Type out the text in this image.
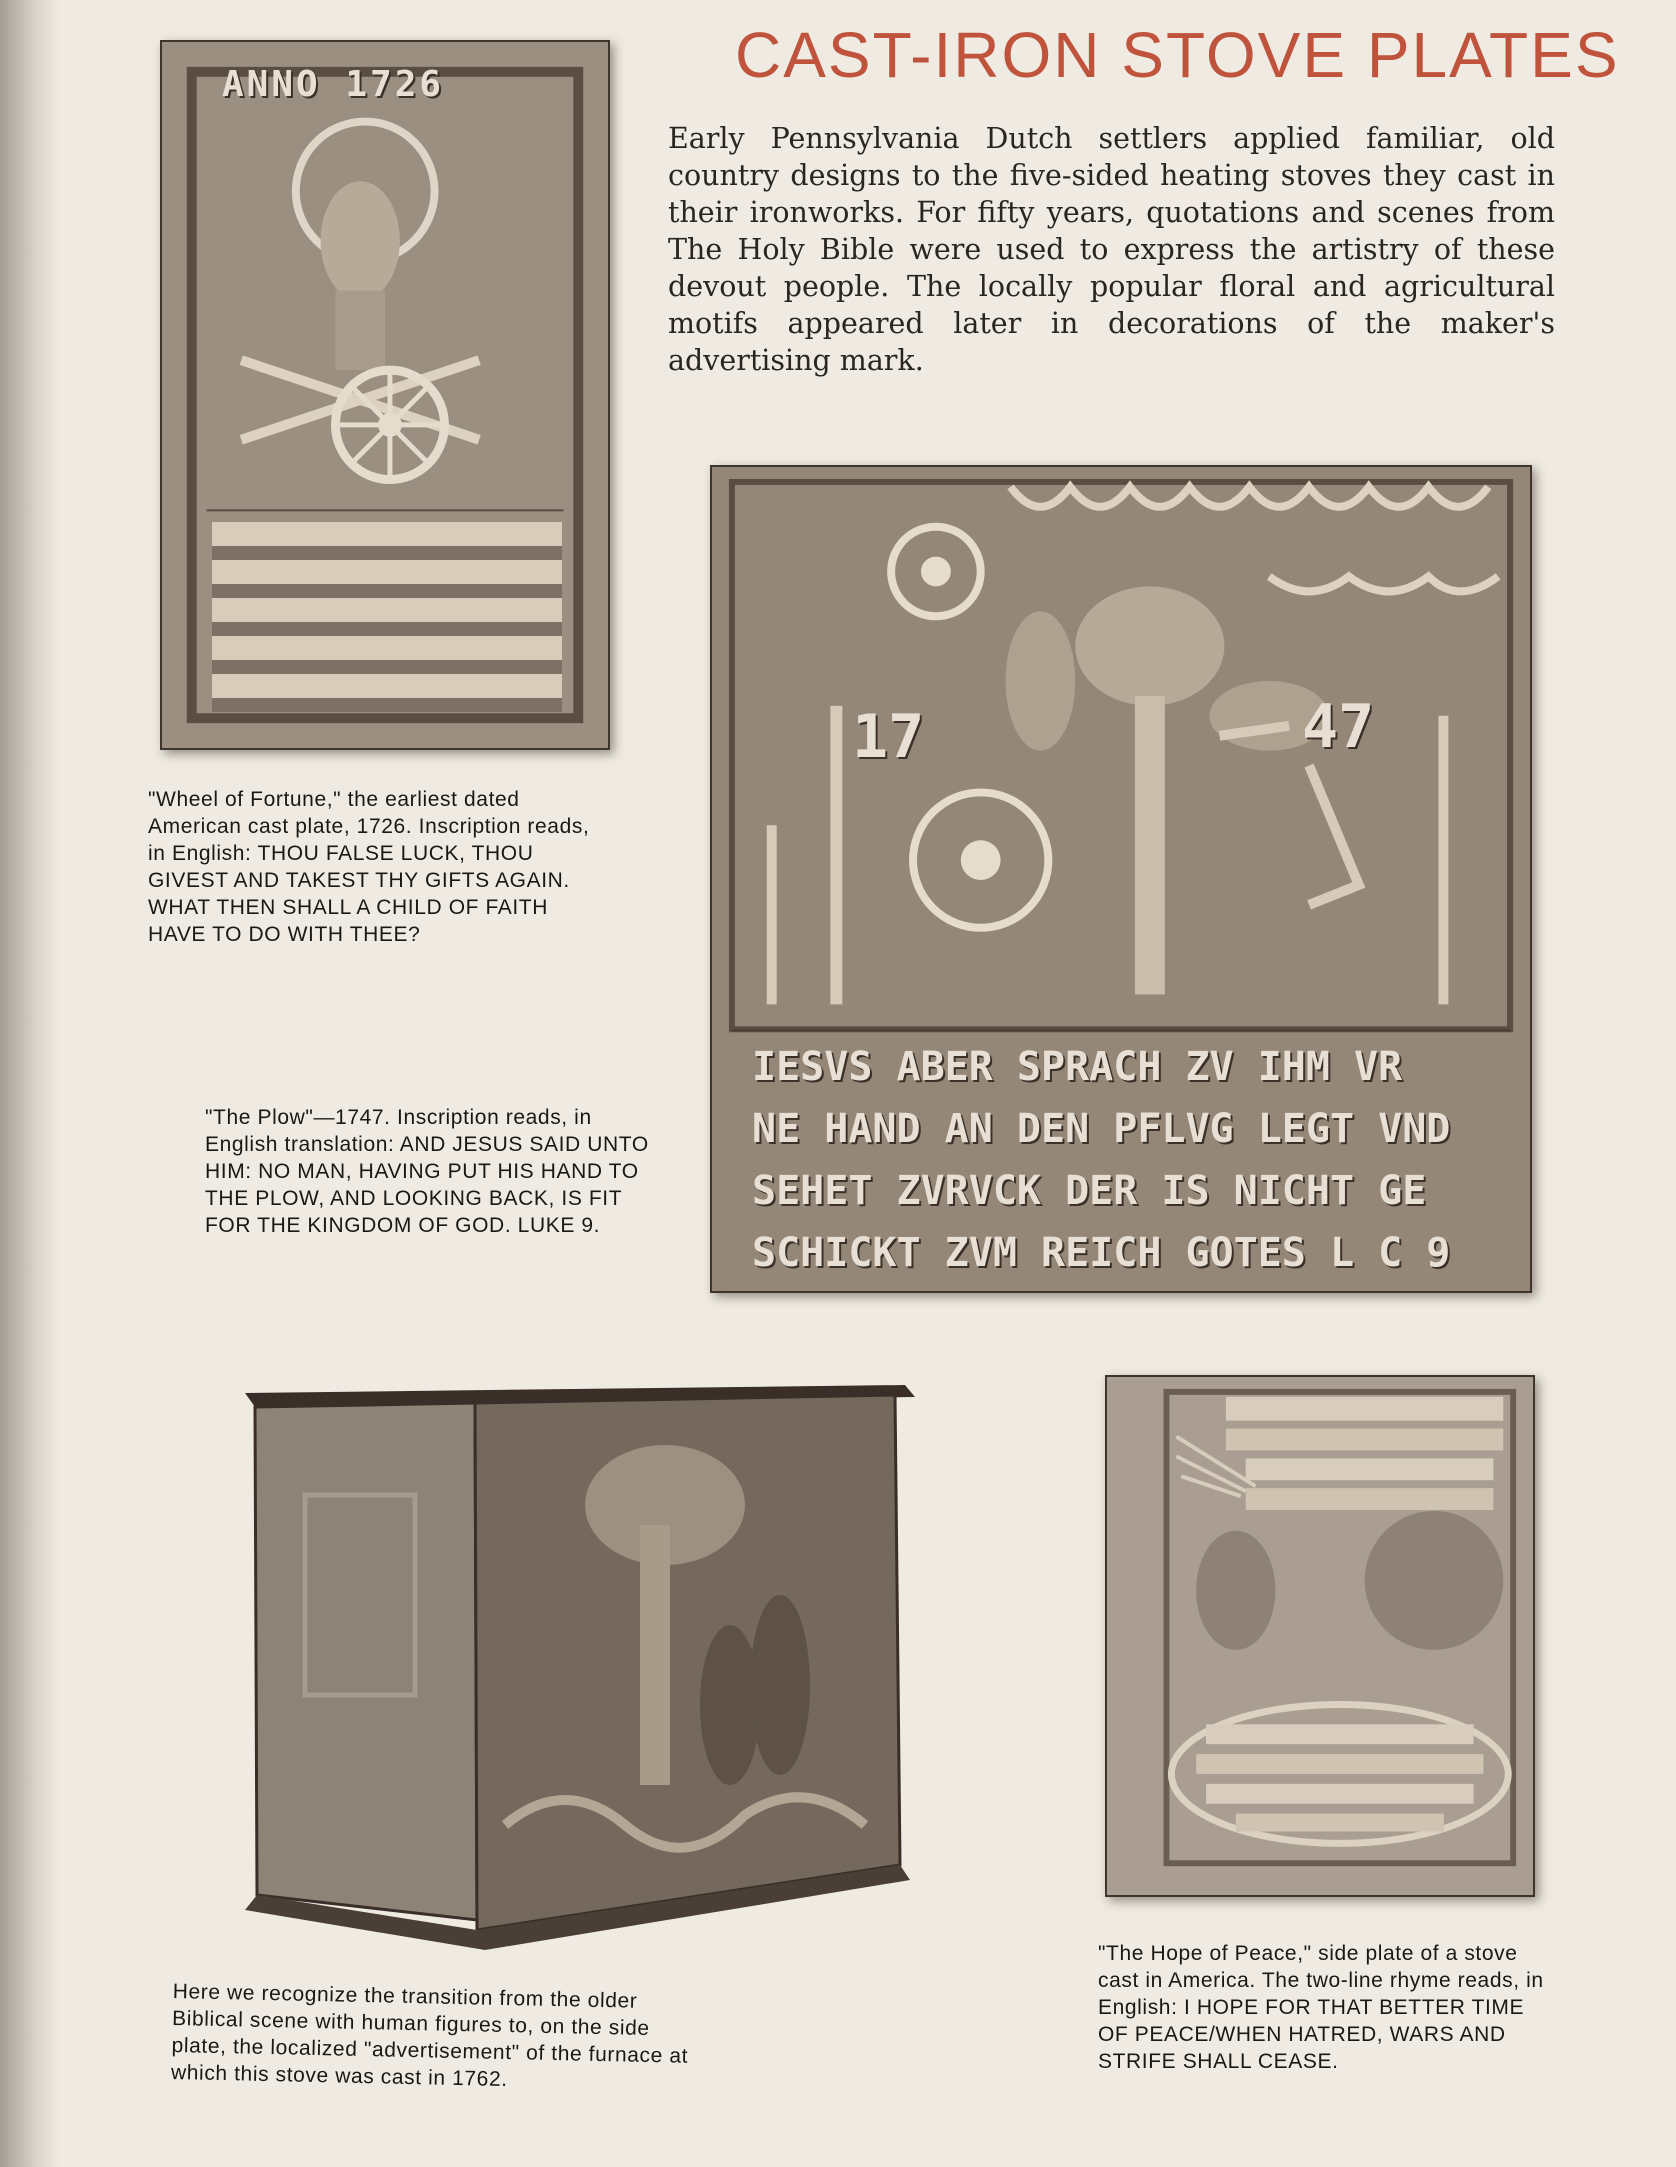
CAST-IRON STOVE PLATES
Early Pennsylvania Dutch settlers applied familiar, old country designs to the five-sided heating stoves they cast in their ironworks. For fifty years, quotations and scenes from The Holy Bible were used to express the artistry of these devout people. The locally popular floral and agricultural motifs appeared later in decorations of the maker's advertising mark.
ANNO 1726
"Wheel of Fortune," the earliest dated American cast plate, 1726. Inscription reads, in English: THOU FALSE LUCK, THOU GIVEST AND TAKEST THY GIFTS AGAIN. WHAT THEN SHALL A CHILD OF FAITH HAVE TO DO WITH THEE?
17	47
IESVS ABER SPRACH ZV IHM VR
NE HAND AN DEN PFLVG LEGT VND
SEHET ZVRVCK DER IS NICHT GE
SCHICKT ZVM REICH GOTES L C 9
"The Plow"—1747. Inscription reads, in English translation: AND JESUS SAID UNTO HIM: NO MAN, HAVING PUT HIS HAND TO THE PLOW, AND LOOKING BACK, IS FIT FOR THE KINGDOM OF GOD. LUKE 9.
Here we recognize the transition from the older Biblical scene with human figures to, on the side plate, the localized "advertisement" of the furnace at which this stove was cast in 1762.
"The Hope of Peace," side plate of a stove cast in America. The two-line rhyme reads, in English: I HOPE FOR THAT BETTER TIME OF PEACE/WHEN HATRED, WARS AND STRIFE SHALL CEASE.
